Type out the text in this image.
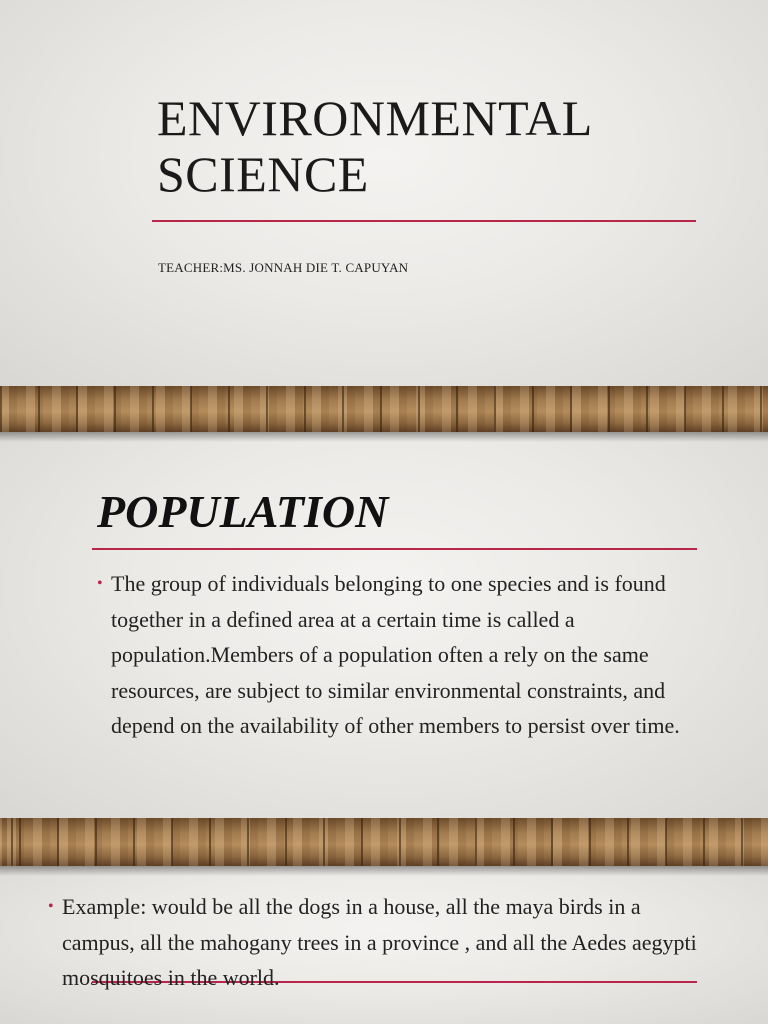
ENVIRONMENTAL
SCIENCE
TEACHER:MS. JONNAH DIE T. CAPUYAN
POPULATION
• The group of individuals belonging to one species and is found together in a defined area at a certain time is called a population.Members of a population often a rely on the same resources, are subject to similar environmental constraints, and depend on the availability of other members to persist over time.
• Example: would be all the dogs in a house, all the maya birds in a campus, all the mahogany trees in a province , and all the Aedes aegypti mosquitoes in the world.
